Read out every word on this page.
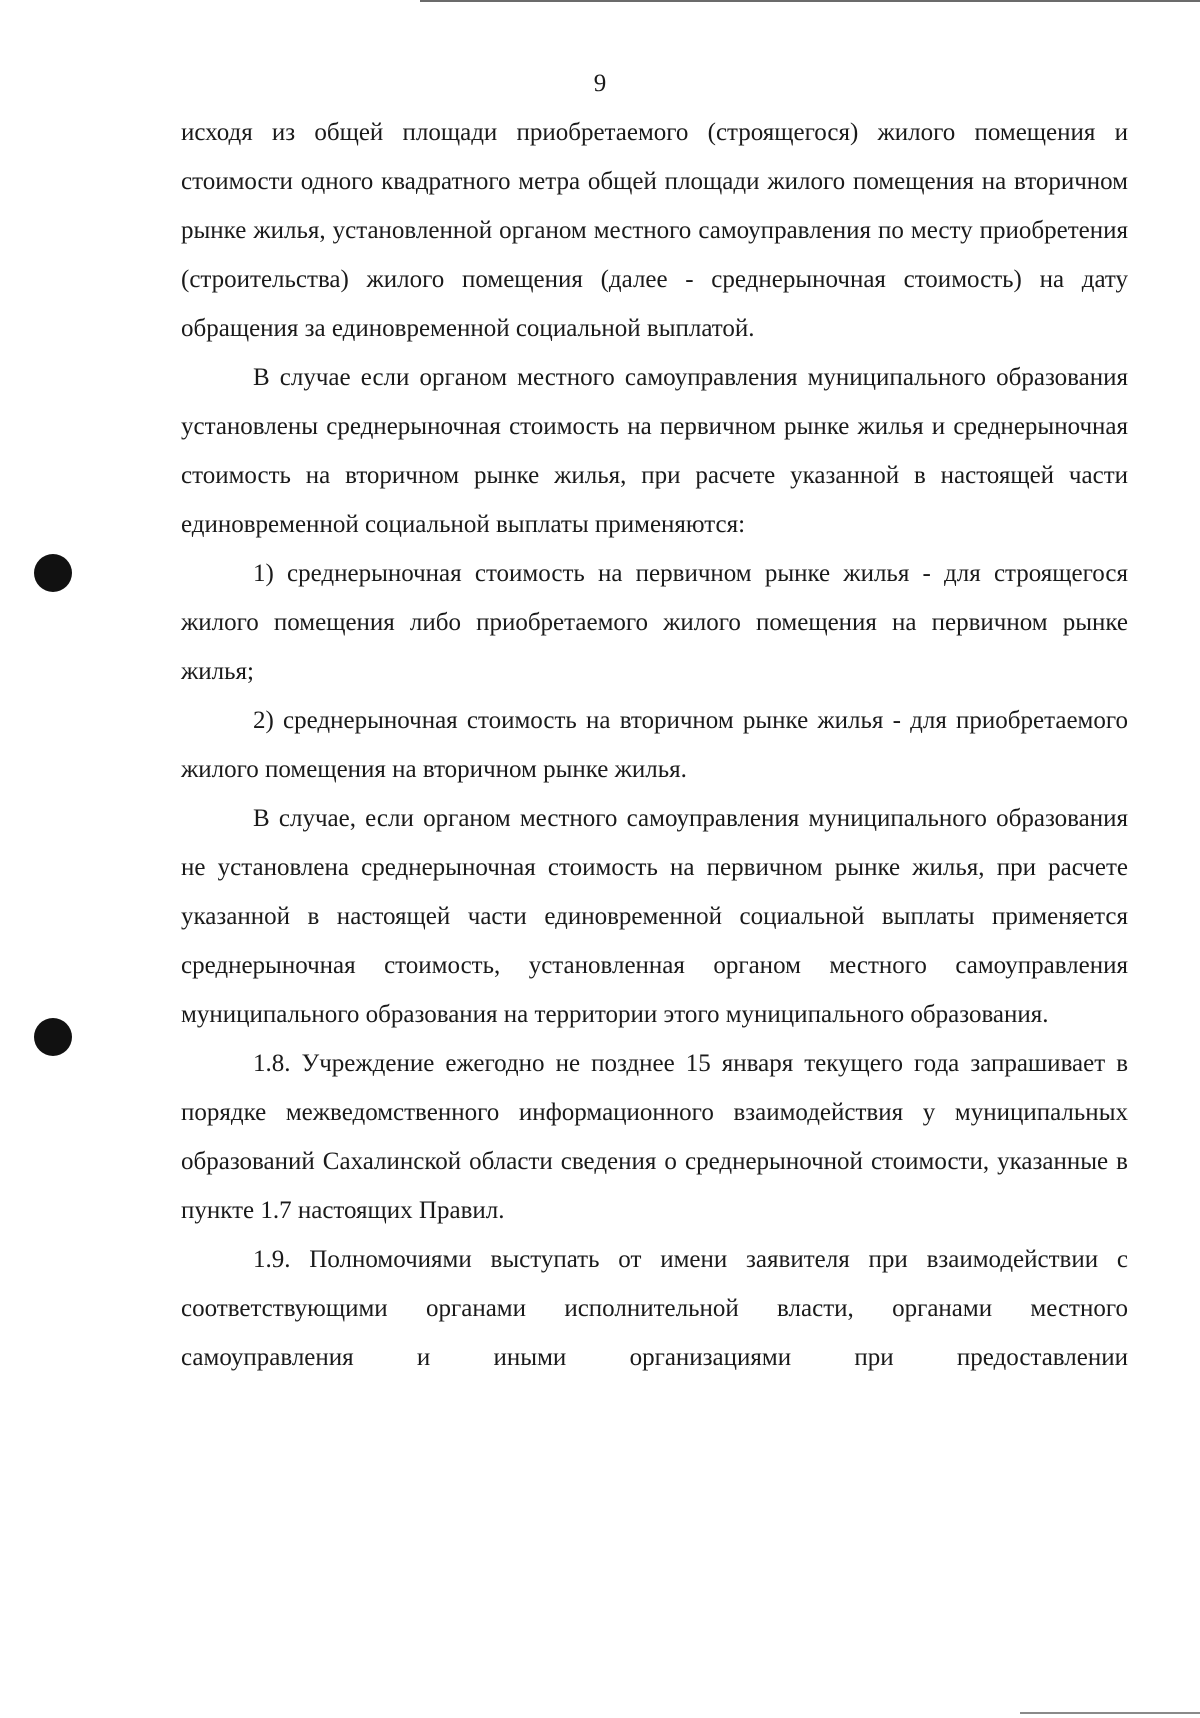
9

исходя из общей площади приобретаемого (строящегося) жилого помещения и стоимости одного квадратного метра общей площади жилого помещения на вторичном рынке жилья, установленной органом местного самоуправления по месту приобретения (строительства) жилого помещения (далее - среднерыночная стоимость) на дату обращения за единовременной социальной выплатой.

В случае если органом местного самоуправления муниципального образования установлены среднерыночная стоимость на первичном рынке жилья и среднерыночная стоимость на вторичном рынке жилья, при расчете указанной в настоящей части единовременной социальной выплаты применяются:

1) среднерыночная стоимость на первичном рынке жилья - для строящегося жилого помещения либо приобретаемого жилого помещения на первичном рынке жилья;

2) среднерыночная стоимость на вторичном рынке жилья - для приобретаемого жилого помещения на вторичном рынке жилья.

В случае, если органом местного самоуправления муниципального образования не установлена среднерыночная стоимость на первичном рынке жилья, при расчете указанной в настоящей части единовременной социальной выплаты применяется среднерыночная стоимость, установленная органом местного самоуправления муниципального образования на территории этого муниципального образования.

1.8. Учреждение ежегодно не позднее 15 января текущего года запрашивает в порядке межведомственного информационного взаимодействия у муниципальных образований Сахалинской области сведения о среднерыночной стоимости, указанные в пункте 1.7 настоящих Правил.

1.9. Полномочиями выступать от имени заявителя при взаимодействии с соответствующими органами исполнительной власти, органами местного самоуправления и иными организациями при предоставлении
